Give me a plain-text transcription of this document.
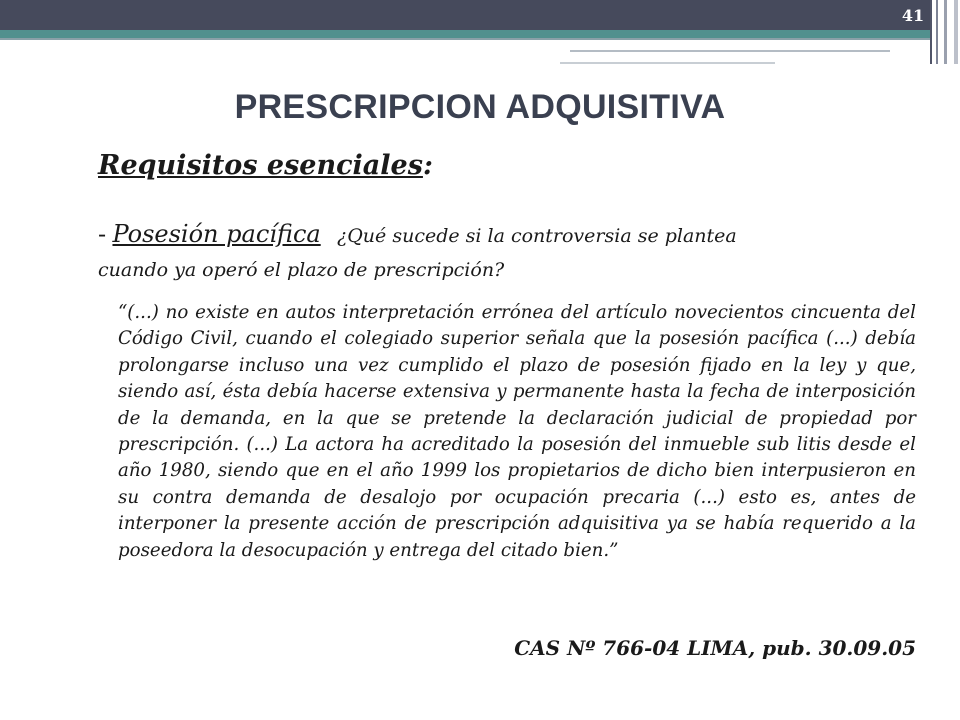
41
PRESCRIPCION ADQUISITIVA
Requisitos esenciales:
- Posesión pacífica ¿Qué sucede si la controversia se plantea
cuando ya operó el plazo de prescripción?
“(...) no existe en autos interpretación errónea del artículo novecientos cincuenta del Código Civil, cuando el colegiado superior señala que la posesión pacífica (...) debía prolongarse incluso una vez cumplido el plazo de posesión fijado en la ley y que, siendo así, ésta debía hacerse extensiva y permanente hasta la fecha de interposición de la demanda, en la que se pretende la declaración judicial de propiedad por prescripción. (...) La actora ha acreditado la posesión del inmueble sub litis desde el año 1980, siendo que en el año 1999 los propietarios de dicho bien interpusieron en su contra demanda de desalojo por ocupación precaria (...) esto es, antes de interponer la presente acción de prescripción adquisitiva ya se había requerido a la poseedora la desocupación y entrega del citado bien.”
CAS Nº 766-04 LIMA, pub. 30.09.05
